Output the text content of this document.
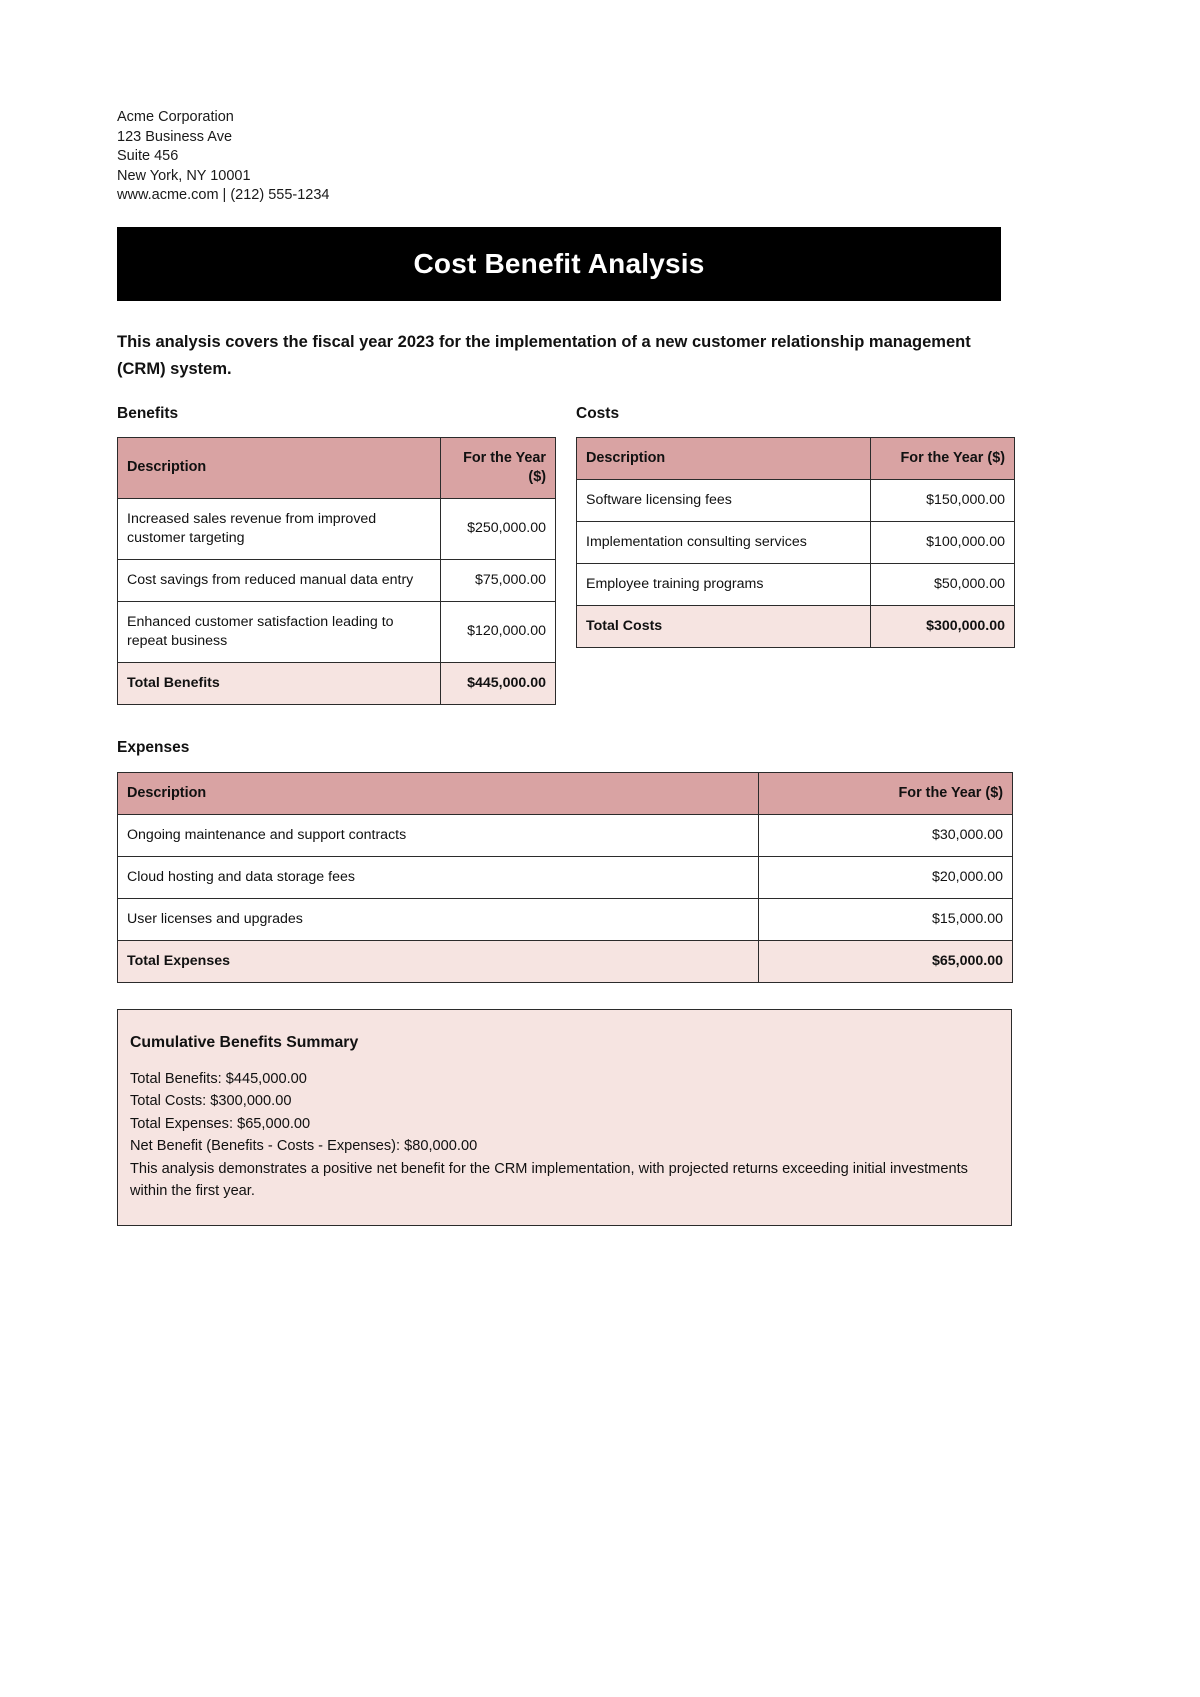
Acme Corporation
123 Business Ave
Suite 456
New York, NY 10001
www.acme.com | (212) 555-1234
Cost Benefit Analysis

This analysis covers the fiscal year 2023 for the implementation of a new customer relationship management (CRM) system.

Benefits
Description	For the Year ($)
Increased sales revenue from improved customer targeting	$250,000.00
Cost savings from reduced manual data entry	$75,000.00
Enhanced customer satisfaction leading to repeat business	$120,000.00
Total Benefits	$445,000.00
Costs
Description	For the Year ($)
Software licensing fees	$150,000.00
Implementation consulting services	$100,000.00
Employee training programs	$50,000.00
Total Costs	$300,000.00
Expenses
Description	For the Year ($)
Ongoing maintenance and support contracts	$30,000.00
Cloud hosting and data storage fees	$20,000.00
User licenses and upgrades	$15,000.00
Total Expenses	$65,000.00
Cumulative Benefits Summary
Total Benefits: $445,000.00
Total Costs: $300,000.00
Total Expenses: $65,000.00
Net Benefit (Benefits - Costs - Expenses): $80,000.00
This analysis demonstrates a positive net benefit for the CRM implementation, with projected returns exceeding initial investments within the first year.
